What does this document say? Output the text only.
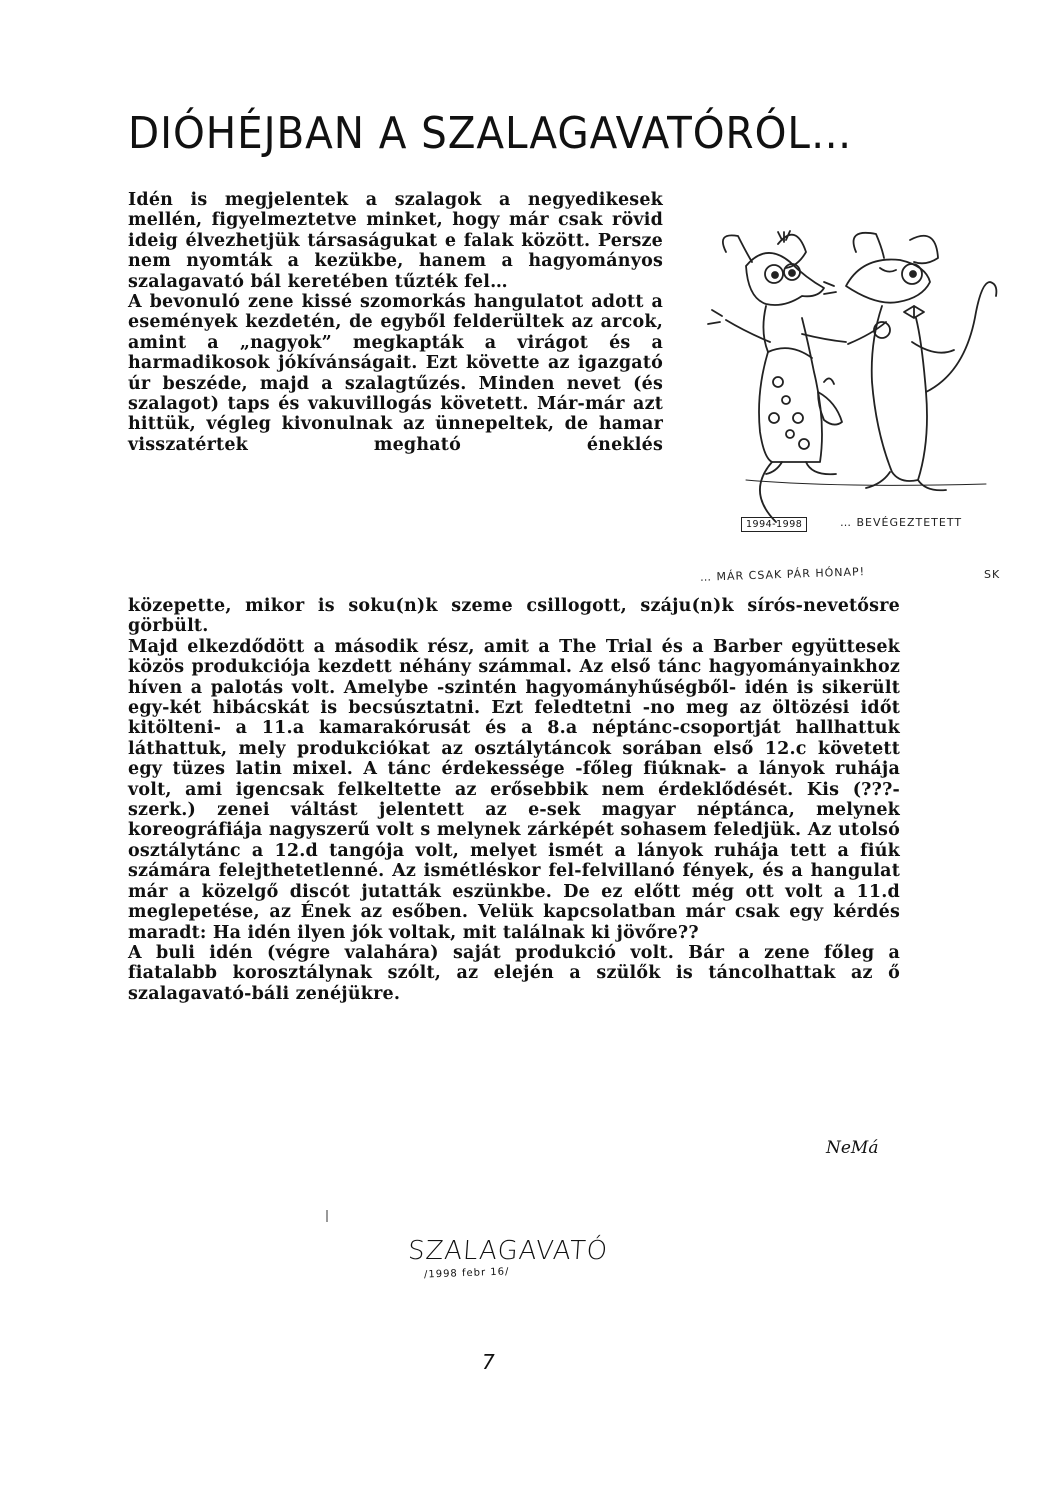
DIÓHÉJBAN A SZALAGAVATÓRÓL…

Idén is megjelentek a szalagok a negyedikesek mellén, figyelmeztetve minket, hogy már csak rövid ideig élvezhetjük társaságukat e falak között. Persze nem nyomták a kezükbe, hanem a hagyományos szalagavató bál keretében tűzték fel…

A bevonuló zene kissé szomorkás hangulatot adott a események kezdetén, de egyből felderültek az arcok, amint a „nagyok” megkapták a virágot és a harmadikosok jókívánságait. Ezt követte az igazgató úr beszéde, majd a szalagtűzés. Minden nevet (és szalagot) taps és vakuvillogás követett. Már-már azt hittük, végleg kivonulnak az ünnepeltek, de hamar visszatértek megható éneklés

közepette, mikor is soku(n)k szeme csillogott, száju(n)k sírós-nevetősre görbült.

Majd elkezdődött a második rész, amit a The Trial és a Barber együttesek közös produkciója kezdett néhány számmal. Az első tánc hagyományainkhoz híven a palotás volt. Amelybe -szintén hagyományhűségből- idén is sikerült egy-két hibácskát is becsúsztatni. Ezt feledtetni -no meg az öltözési időt kitölteni- a 11.a kamarakórusát és a 8.a néptánc-csoportját hallhattuk láthattuk, mely produkciókat az osztálytáncok sorában első 12.c követett egy tüzes latin mixel. A tánc érdekessége -főleg fiúknak- a lányok ruhája volt, ami igencsak felkeltette az erősebbik nem érdeklődését. Kis (???-szerk.) zenei váltást jelentett az e-sek magyar néptánca, melynek koreográfiája nagyszerű volt s melynek zárképét sohasem feledjük. Az utolsó osztálytánc a 12.d tangója volt, melyet ismét a lányok ruhája tett a fiúk számára felejthetetlenné. Az ismétléskor fel-felvillanó fények, és a hangulat már a közelgő discót jutatták eszünkbe. De ez előtt még ott volt a 11.d meglepetése, az Ének az esőben. Velük kapcsolatban már csak egy kérdés maradt: Ha idén ilyen jók voltak, mit találnak ki jövőre??

A buli idén (végre valahára) saját produkció volt. Bár a zene főleg a fiatalabb korosztálynak szólt, az elején a szülők is táncolhattak az ő szalagavató-báli zenéjükre.

NeMá
1994-1998	… BEVÉGEZTETETT
… MÁR CSAK PÁR HÓNAP!	SK
SZALAGAVATÓ
/1998 febr 16/
7
